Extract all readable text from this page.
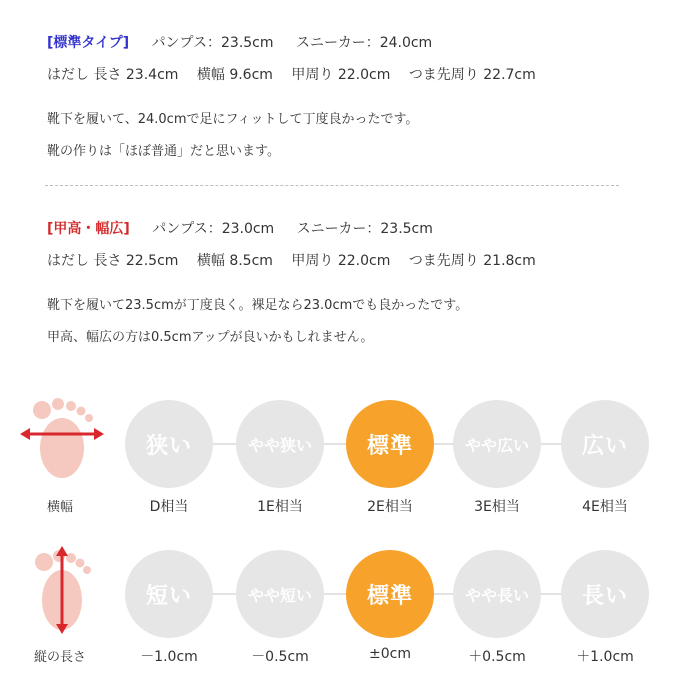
[標準タイプ] パンプス：23.5cm スニーカー：24.0cm
はだし 長さ 23.4cm 横幅 9.6cm 甲周り 22.0cm つま先周り 22.7cm
靴下を履いて、24.0cmで足にフィットして丁度良かったです。
靴の作りは「ほぼ普通」だと思います。
[甲高・幅広] パンプス：23.0cm スニーカー：23.5cm
はだし 長さ 22.5cm 横幅 8.5cm 甲周り 22.0cm つま先周り 21.8cm
靴下を履いて23.5cmが丁度良く。裸足なら23.0cmでも良かったです。
甲高、幅広の方は0.5cmアップが良いかもしれません。
横幅
狭い	やや狭い	標準	やや広い	広い
D相当	1E相当	2E相当	3E相当	4E相当
縦の長さ
短い	やや短い	標準	やや長い	長い
－1.0cm	－0.5cm	±0cm	＋0.5cm	＋1.0cm
